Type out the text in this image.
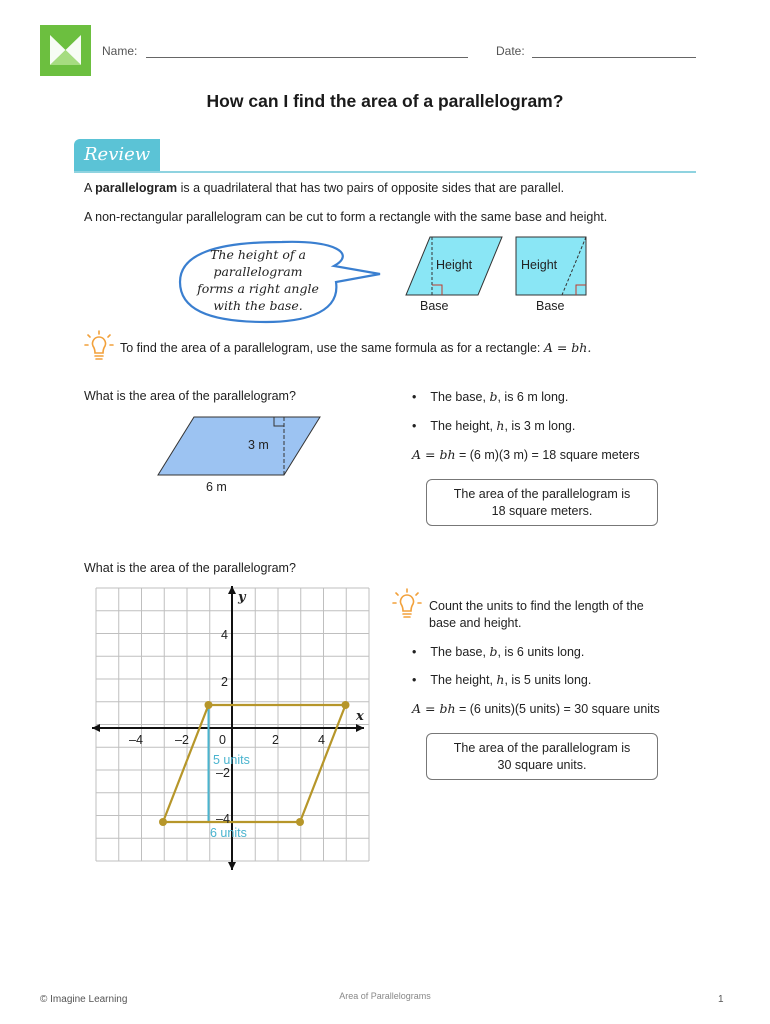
Name:	Date:
How can I find the area of a parallelogram?
Review
A parallelogram is a quadrilateral that has two pairs of opposite sides that are parallel.
A non-rectangular parallelogram can be cut to form a rectangle with the same base and height.
The height of a
parallelogram
forms a right angle
with the base.
Height
Base
Height
Base
To find the area of a parallelogram, use the same formula as for a rectangle: A = bh.
What is the area of the parallelogram?
3 m
6 m
• The base, b, is 6 m long.
• The height, h, is 3 m long.
A = bh = (6 m)(3 m) = 18 square meters
The area of the parallelogram is
18 square meters.
What is the area of the parallelogram?
x
y
–4	–2 0	2	4
4
2
–2
–4
5 units
6 units
Count the units to find the length of the
base and height.
• The base, b, is 6 units long.
• The height, h, is 5 units long.
A = bh = (6 units)(5 units) = 30 square units
The area of the parallelogram is
30 square units.
© Imagine Learning	Area of Parallelograms	1
